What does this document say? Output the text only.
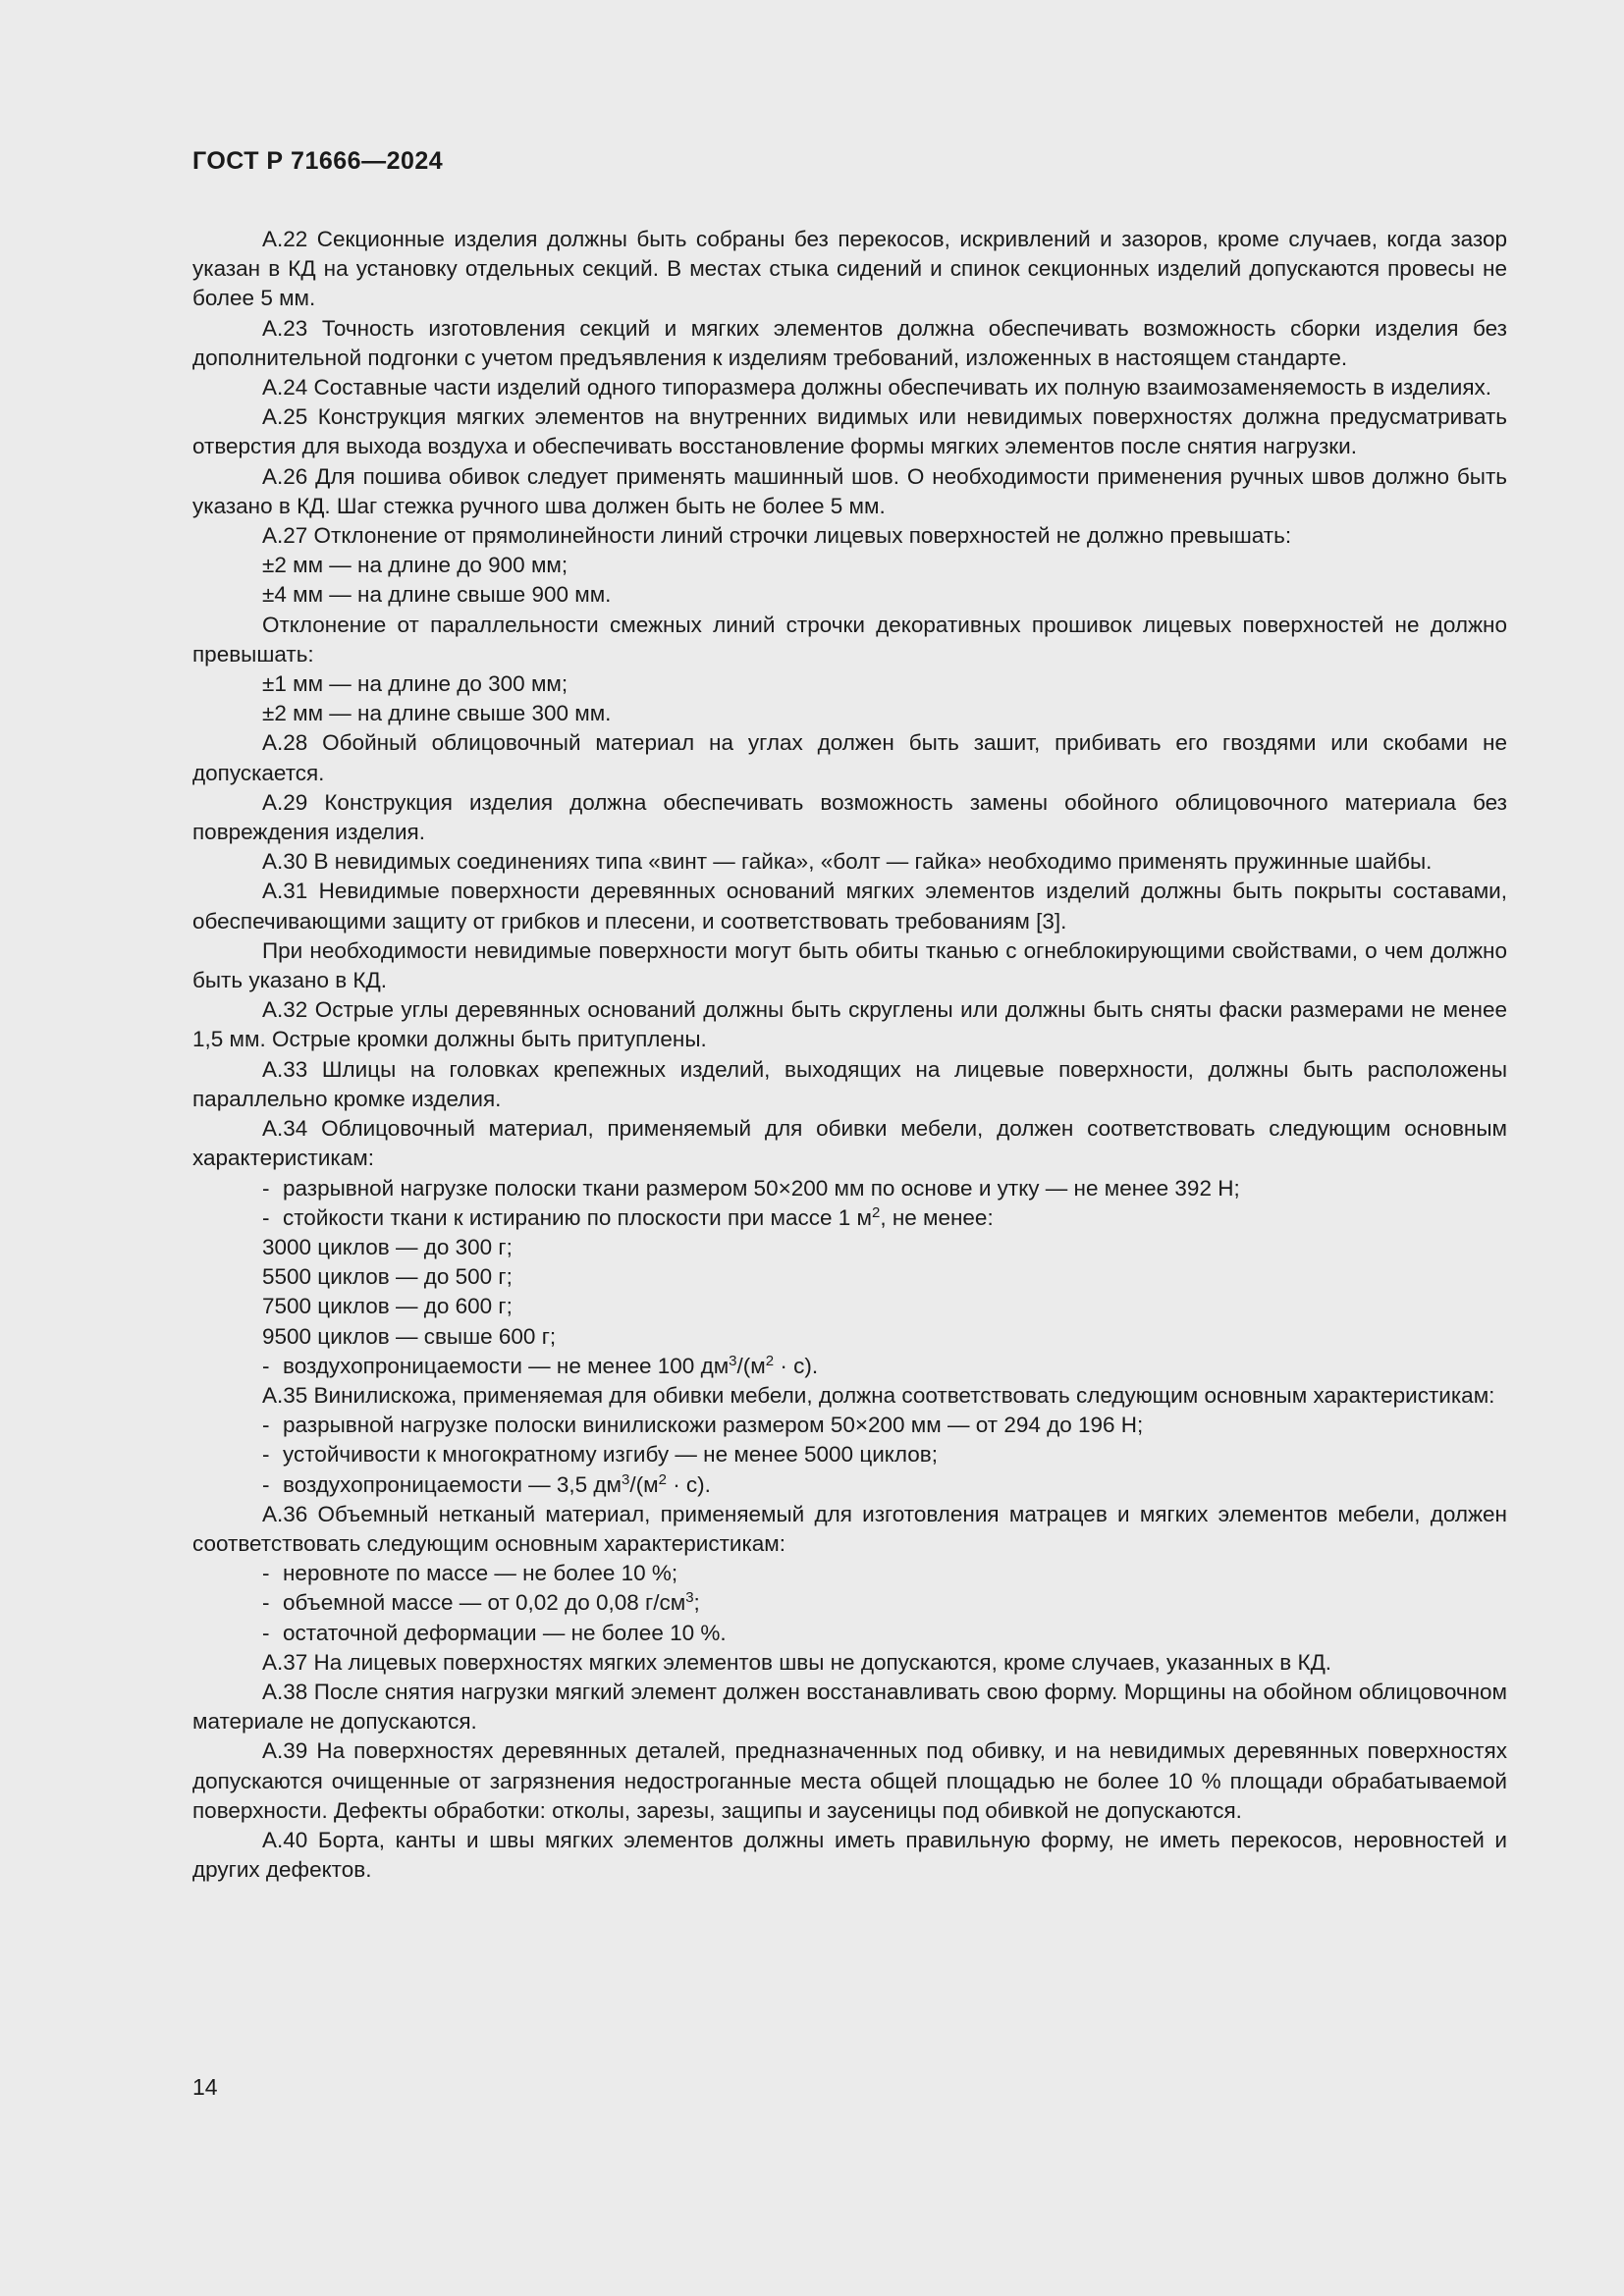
ГОСТ Р 71666—2024

А.22 Секционные изделия должны быть собраны без перекосов, искривлений и зазоров, кроме случаев, когда зазор указан в КД на установку отдельных секций. В местах стыка сидений и спинок секционных изделий допускаются провесы не более 5 мм.

А.23 Точность изготовления секций и мягких элементов должна обеспечивать возможность сборки изделия без дополнительной подгонки с учетом предъявления к изделиям требований, изложенных в настоящем стандарте.

А.24 Составные части изделий одного типоразмера должны обеспечивать их полную взаимозаменяемость в изделиях.

А.25 Конструкция мягких элементов на внутренних видимых или невидимых поверхностях должна предусматривать отверстия для выхода воздуха и обеспечивать восстановление формы мягких элементов после снятия нагрузки.

А.26 Для пошива обивок следует применять машинный шов. О необходимости применения ручных швов должно быть указано в КД. Шаг стежка ручного шва должен быть не более 5 мм.

А.27 Отклонение от прямолинейности линий строчки лицевых поверхностей не должно превышать:

±2 мм — на длине до 900 мм;

±4 мм — на длине свыше 900 мм.

Отклонение от параллельности смежных линий строчки декоративных прошивок лицевых поверхностей не должно превышать:

±1 мм — на длине до 300 мм;

±2 мм — на длине свыше 300 мм.

А.28 Обойный облицовочный материал на углах должен быть зашит, прибивать его гвоздями или скобами не допускается.

А.29 Конструкция изделия должна обеспечивать возможность замены обойного облицовочного материала без повреждения изделия.

А.30 В невидимых соединениях типа «винт — гайка», «болт — гайка» необходимо применять пружинные шайбы.

А.31 Невидимые поверхности деревянных оснований мягких элементов изделий должны быть покрыты составами, обеспечивающими защиту от грибков и плесени, и соответствовать требованиям [3].

При необходимости невидимые поверхности могут быть обиты тканью с огнеблокирующими свойствами, о чем должно быть указано в КД.

А.32 Острые углы деревянных оснований должны быть скруглены или должны быть сняты фаски размерами не менее 1,5 мм. Острые кромки должны быть притуплены.

А.33 Шлицы на головках крепежных изделий, выходящих на лицевые поверхности, должны быть расположены параллельно кромке изделия.

А.34 Облицовочный материал, применяемый для обивки мебели, должен соответствовать следующим основным характеристикам:

- разрывной нагрузке полоски ткани размером 50×200 мм по основе и утку — не менее 392 Н;

- стойкости ткани к истиранию по плоскости при массе 1 $м^2$, не менее:

3000 циклов — до 300 г;

5500 циклов — до 500 г;

7500 циклов — до 600 г;

9500 циклов — свыше 600 г;

- воздухопроницаемости — не менее 100 $дм^3/(м^2 \cdot с)$.

А.35 Винилискожа, применяемая для обивки мебели, должна соответствовать следующим основным характеристикам:

- разрывной нагрузке полоски винилискожи размером 50×200 мм — от 294 до 196 Н;

- устойчивости к многократному изгибу — не менее 5000 циклов;

- воздухопроницаемости — 3,5 $дм^3/(м^2 \cdot с)$.

А.36 Объемный нетканый материал, применяемый для изготовления матрацев и мягких элементов мебели, должен соответствовать следующим основным характеристикам:

- неровноте по массе — не более 10 %;

- объемной массе — от 0,02 до 0,08 $г/см^3$;

- остаточной деформации — не более 10 %.

А.37 На лицевых поверхностях мягких элементов швы не допускаются, кроме случаев, указанных в КД.

А.38 После снятия нагрузки мягкий элемент должен восстанавливать свою форму. Морщины на обойном облицовочном материале не допускаются.

А.39 На поверхностях деревянных деталей, предназначенных под обивку, и на невидимых деревянных поверхностях допускаются очищенные от загрязнения недострoганные места общей площадью не более 10 % площади обрабатываемой поверхности. Дефекты обработки: отколы, зарезы, защипы и заусеницы под обивкой не допускаются.

А.40 Борта, канты и швы мягких элементов должны иметь правильную форму, не иметь перекосов, неровностей и других дефектов.

14
